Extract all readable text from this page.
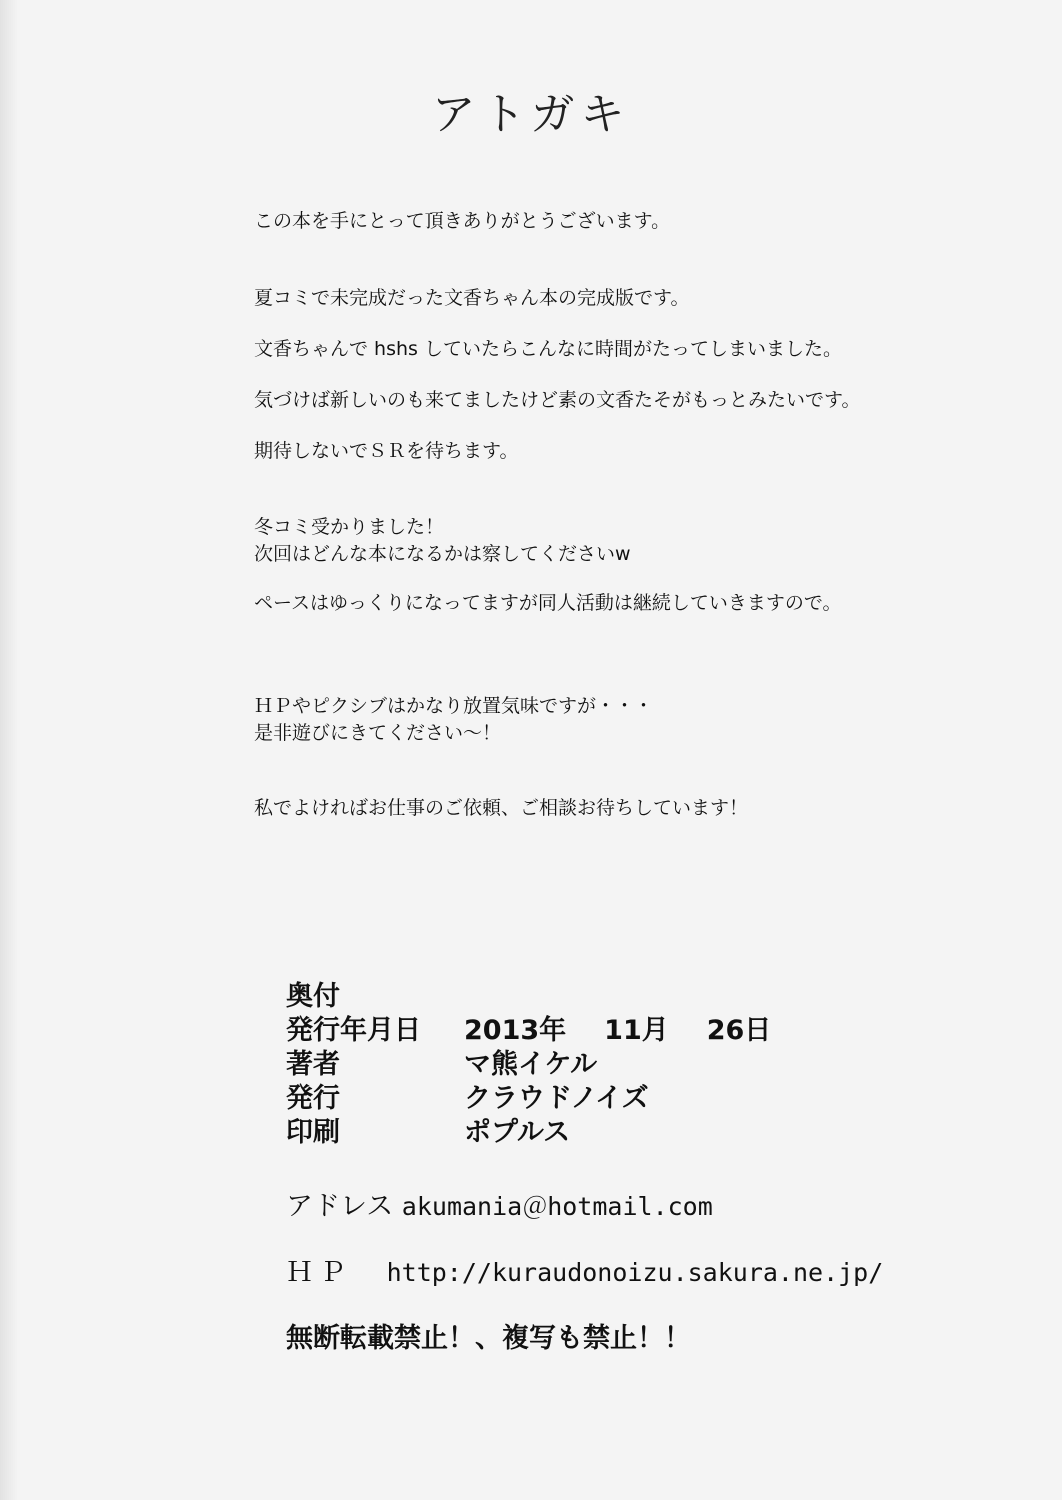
アトガキ
この本を手にとって頂きありがとうございます。
夏コミで未完成だった文香ちゃん本の完成版です。
文香ちゃんで hshs していたらこんなに時間がたってしまいました。
気づけば新しいのも来てましたけど素の文香たそがもっとみたいです。
期待しないでＳＲを待ちます。
冬コミ受かりました！
次回はどんな本になるかは察してくださいw
ペースはゆっくりになってますが同人活動は継続していきますので。
ＨＰやピクシブはかなり放置気味ですが・・・
是非遊びにきてください～！
私でよければお仕事のご依頼、ご相談お待ちしています！
奥付
発行年月日 2013年 11月 26日
著者	マ熊イケル
発行	クラウドノイズ
印刷	ポプルス
アドレス akumania＠hotmail.com
ＨＰ http://kuraudonoizu.sakura.ne.jp/
無断転載禁止！、複写も禁止！！
